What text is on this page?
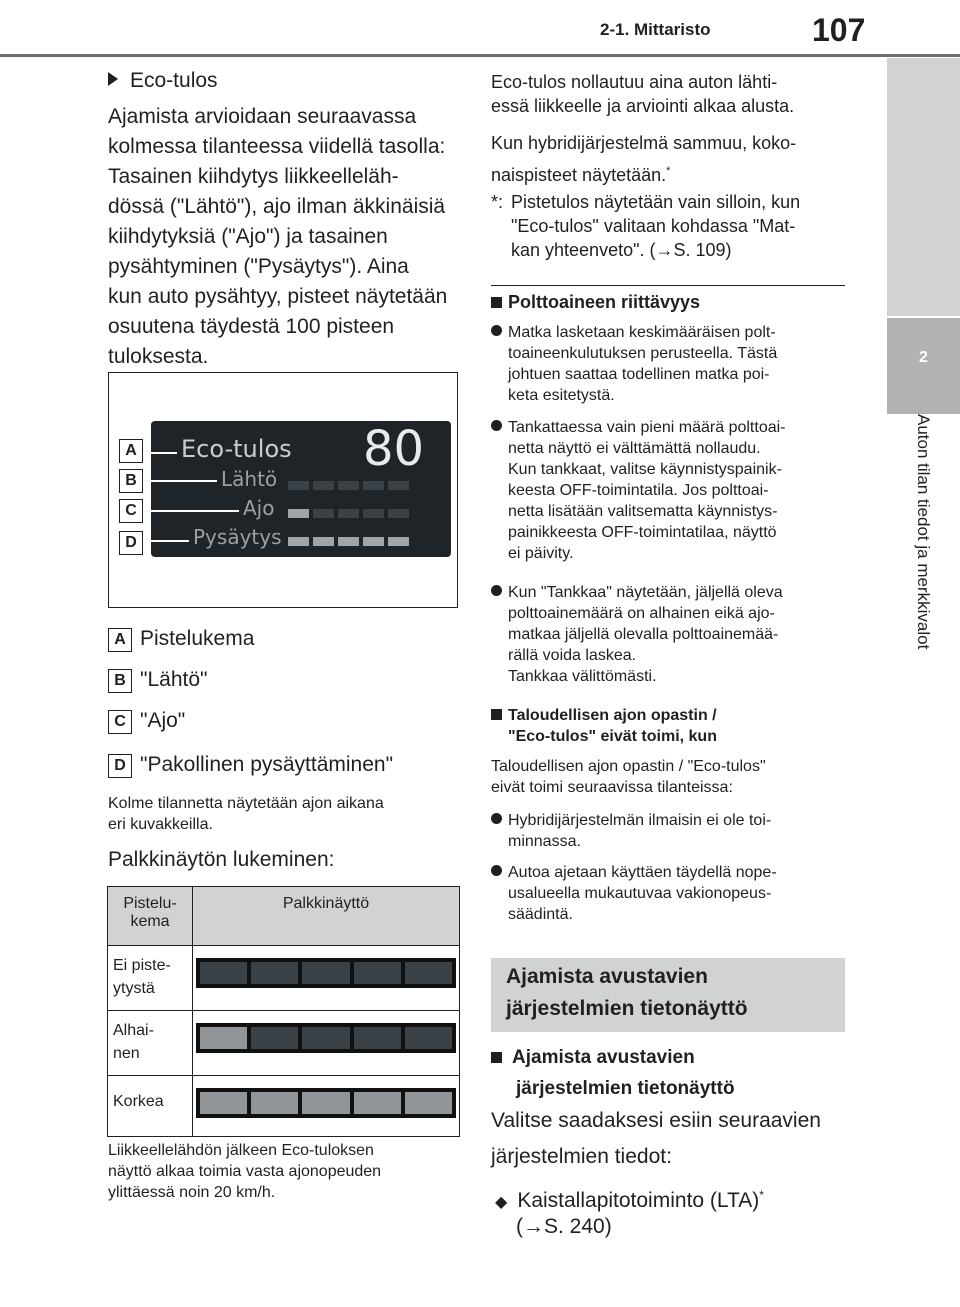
2-1. Mittaristo	107
2
Auton tilan tiedot ja merkkivalot
Eco-tulos
Ajamista arvioidaan seuraavassa
kolmessa tilanteessa viidellä tasolla:
Tasainen kiihdytys liikkeelleläh-
dössä ("Lähtö"), ajo ilman äkkinäisiä
kiihdytyksiä ("Ajo") ja tasainen
pysähtyminen ("Pysäytys"). Aina
kun auto pysähtyy, pisteet näytetään
osuutena täydestä 100 pisteen
tuloksesta.
Eco-tulos 80
Lähtö
Ajo
Pysäytys
A
B
C
D
A Pistelukema
B "Lähtö"
C "Ajo"
D "Pakollinen pysäyttäminen"
Kolme tilannetta näytetään ajon aikana
eri kuvakkeilla.
Palkkinäytön lukeminen:
Pistelu-
kema	Palkkinäyttö
Ei piste-
ytystä	

Alhai-
nen	

Korkea	
Liikkeellelähdön jälkeen Eco-tuloksen
näyttö alkaa toimia vasta ajonopeuden
ylittäessä noin 20 km/h.
Eco-tulos nollautuu aina auton lähti-
essä liikkeelle ja arviointi alkaa alusta.
Kun hybridijärjestelmä sammuu, koko-
naispisteet näytetään.*
*: Pistetulos näytetään vain silloin, kun
"Eco-tulos" valitaan kohdassa "Mat-
kan yhteenveto". (→S. 109)
Polttoaineen riittävyys
Matka lasketaan keskimääräisen polt-
toaineenkulutuksen perusteella. Tästä
johtuen saattaa todellinen matka poi-
keta esitetystä.
Tankattaessa vain pieni määrä polttoai-
netta näyttö ei välttämättä nollaudu.
Kun tankkaat, valitse käynnistyspainik-
keesta OFF-toimintatila. Jos polttoai-
netta lisätään valitsematta käynnistys-
painikkeesta OFF-toimintatilaa, näyttö
ei päivity.
Kun "Tankkaa" näytetään, jäljellä oleva
polttoainemäärä on alhainen eikä ajo-
matkaa jäljellä olevalla polttoainemää-
rällä voida laskea.
Tankkaa välittömästi.
Taloudellisen ajon opastin /
"Eco-tulos" eivät toimi, kun
Taloudellisen ajon opastin / "Eco-tulos"
eivät toimi seuraavissa tilanteissa:
Hybridijärjestelmän ilmaisin ei ole toi-
minnassa.
Autoa ajetaan käyttäen täydellä nope-
usalueella mukautuvaa vakionopeus-
säädintä.
Ajamista avustavien
järjestelmien tietonäyttö
Ajamista avustavien
järjestelmien tietonäyttö
Valitse saadaksesi esiin seuraavien
järjestelmien tiedot:
◆ Kaistallapitotoiminto (LTA)*
(→S. 240)
